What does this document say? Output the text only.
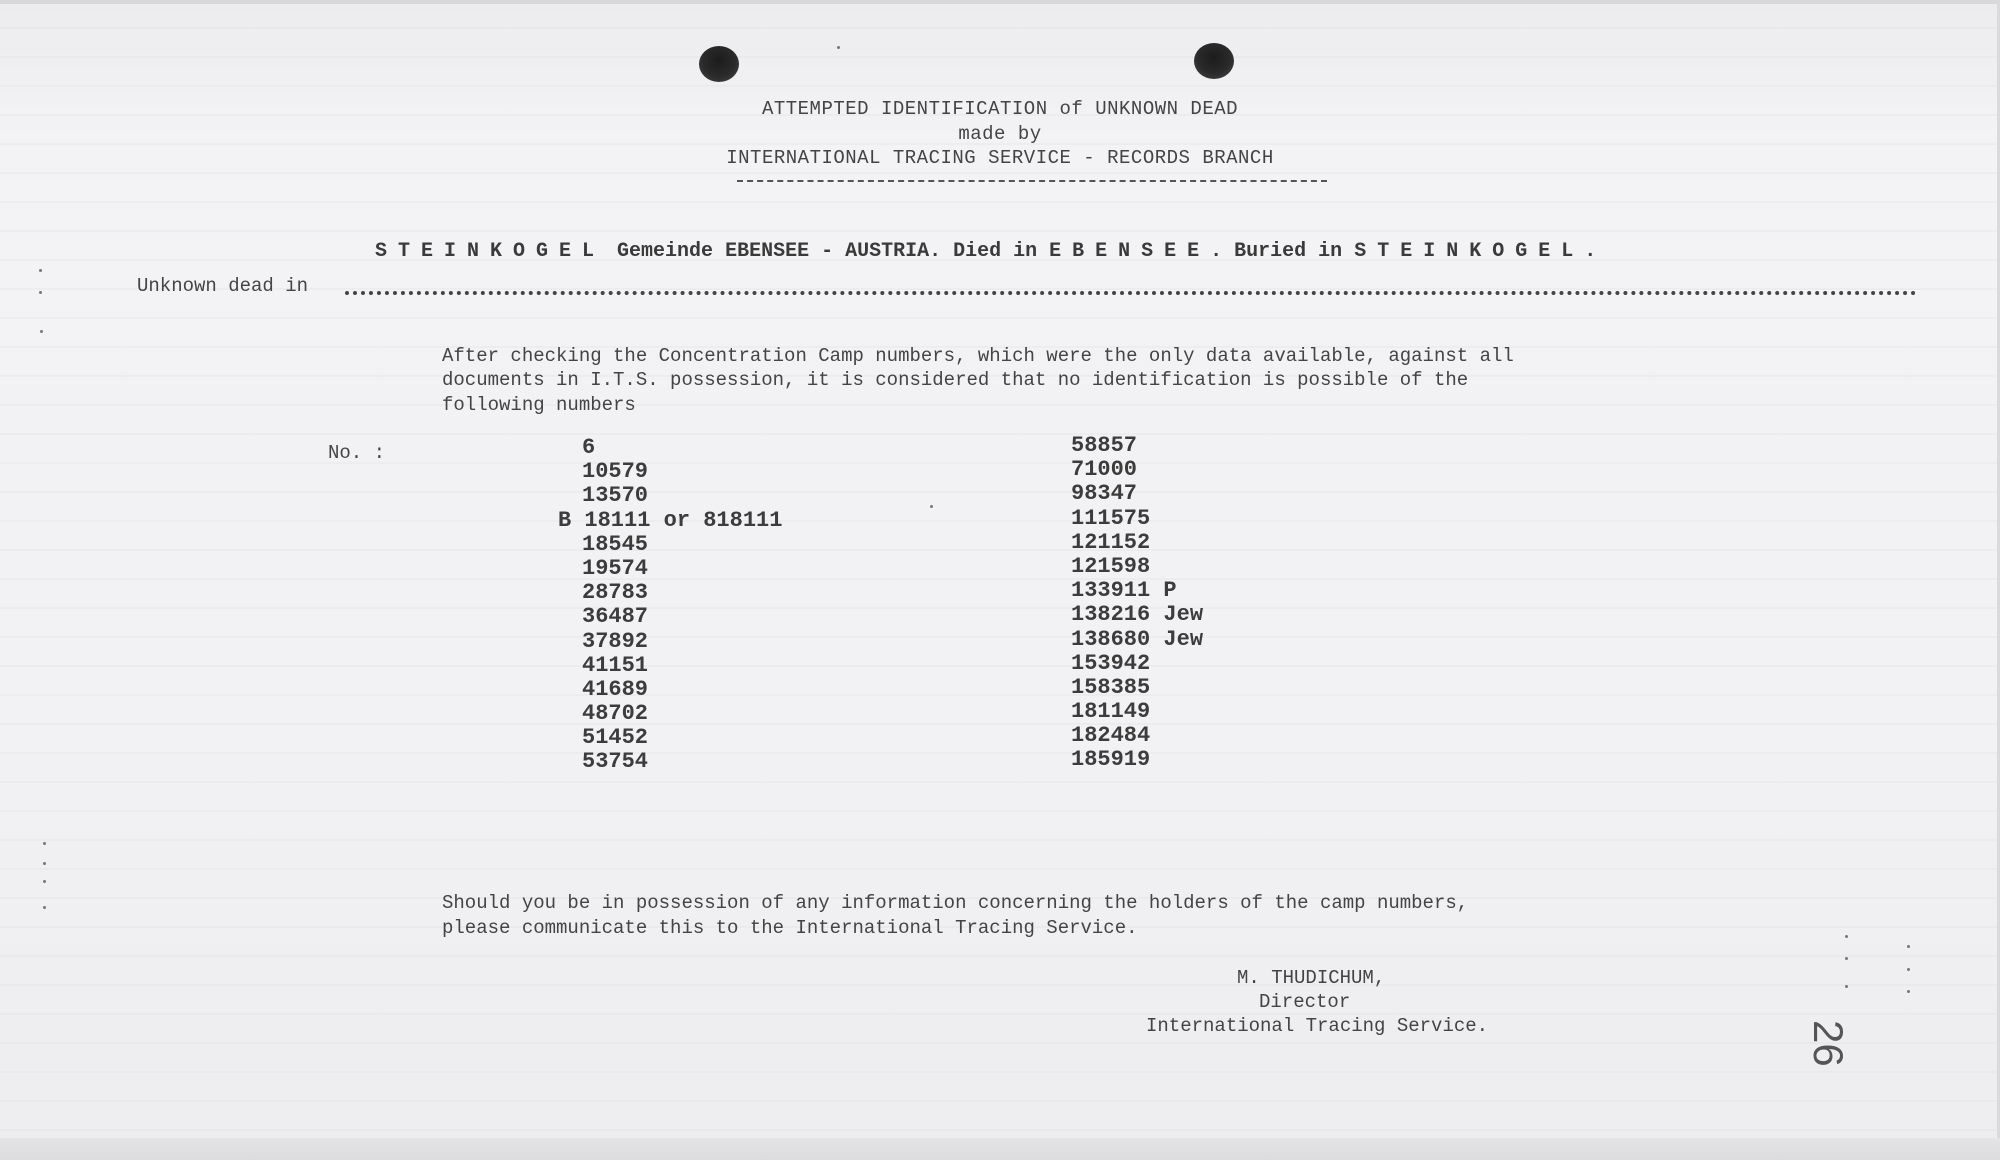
ATTEMPTED IDENTIFICATION of UNKNOWN DEAD
made by
INTERNATIONAL TRACING SERVICE - RECORDS BRANCH
STEINKOGEL Gemeinde EBENSEE - AUSTRIA. Died in EBENSEE. Buried in STEINKOGEL.
Unknown dead in
After checking the Concentration Camp numbers, which were the only data available, against all
documents in I.T.S. possession, it is considered that no identification is possible of the
following numbers
No. :	6
10579
13570
B 18111 or 818111
18545
19574
28783
36487
37892
41151
41689
48702
51452
53754
58857
71000
98347
111575
121152
121598
133911 P
138216 Jew
138680 Jew
153942
158385
181149
182484
185919
Should you be in possession of any information concerning the holders of the camp numbers,
please communicate this to the International Tracing Service.
M. THUDICHUM,
Director
International Tracing Service.	26
